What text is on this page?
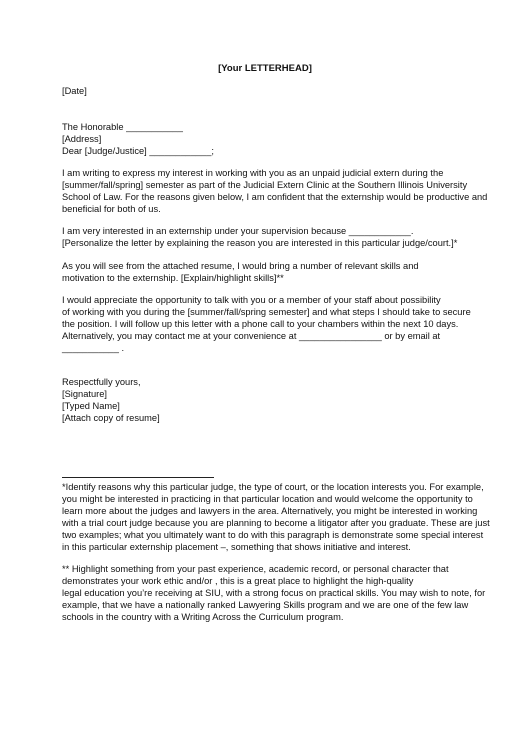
[Your LETTERHEAD]
[Date]
The Honorable ___________
[Address]
Dear [Judge/Justice] ____________;
I am writing to express my interest in working with you as an unpaid judicial extern during the
[summer/fall/spring] semester as part of the Judicial Extern Clinic at the Southern Illinois University
School of Law. For the reasons given below, I am confident that the externship would be productive and
beneficial for both of us.
I am very interested in an externship under your supervision because ____________.
[Personalize the letter by explaining the reason you are interested in this particular judge/court.]*
As you will see from the attached resume, I would bring a number of relevant skills and
motivation to the externship. [Explain/highlight skills]**
I would appreciate the opportunity to talk with you or a member of your staff about possibility
of working with you during the [summer/fall/spring semester] and what steps I should take to secure
the position. I will follow up this letter with a phone call to your chambers within the next 10 days.
Alternatively, you may contact me at your convenience at ________________ or by email at
___________ .
Respectfully yours,
[Signature]
[Typed Name]
[Attach copy of resume]
*Identify reasons why this particular judge, the type of court, or the location interests you. For example,
you might be interested in practicing in that particular location and would welcome the opportunity to
learn more about the judges and lawyers in the area. Alternatively, you might be interested in working
with a trial court judge because you are planning to become a litigator after you graduate. These are just
two examples; what you ultimately want to do with this paragraph is demonstrate some special interest
in this particular externship placement –, something that shows initiative and interest.
** Highlight something from your past experience, academic record, or personal character that
demonstrates your work ethic and/or , this is a great place to highlight the high-quality
legal education you’re receiving at SIU, with a strong focus on practical skills. You may wish to note, for
example, that we have a nationally ranked Lawyering Skills program and we are one of the few law
schools in the country with a Writing Across the Curriculum program.
